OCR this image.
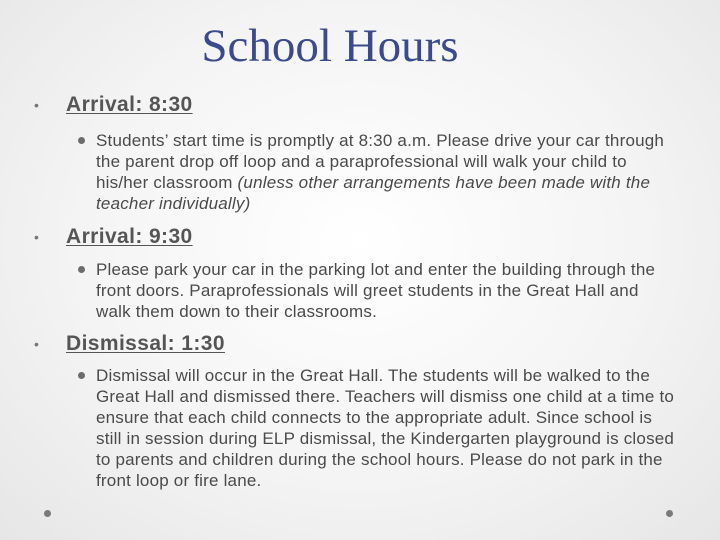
School Hours
• Arrival: 8:30
Students’ start time is promptly at 8:30 a.m. Please drive your car through the parent drop off loop and a paraprofessional will walk your child to his/her classroom (unless other arrangements have been made with the teacher individually)
• Arrival: 9:30
Please park your car in the parking lot and enter the building through the front doors. Paraprofessionals will greet students in the Great Hall and walk them down to their classrooms.
• Dismissal: 1:30
Dismissal will occur in the Great Hall. The students will be walked to the Great Hall and dismissed there. Teachers will dismiss one child at a time to ensure that each child connects to the appropriate adult. Since school is still in session during ELP dismissal, the Kindergarten playground is closed to parents and children during the school hours. Please do not park in the front loop or fire lane.
